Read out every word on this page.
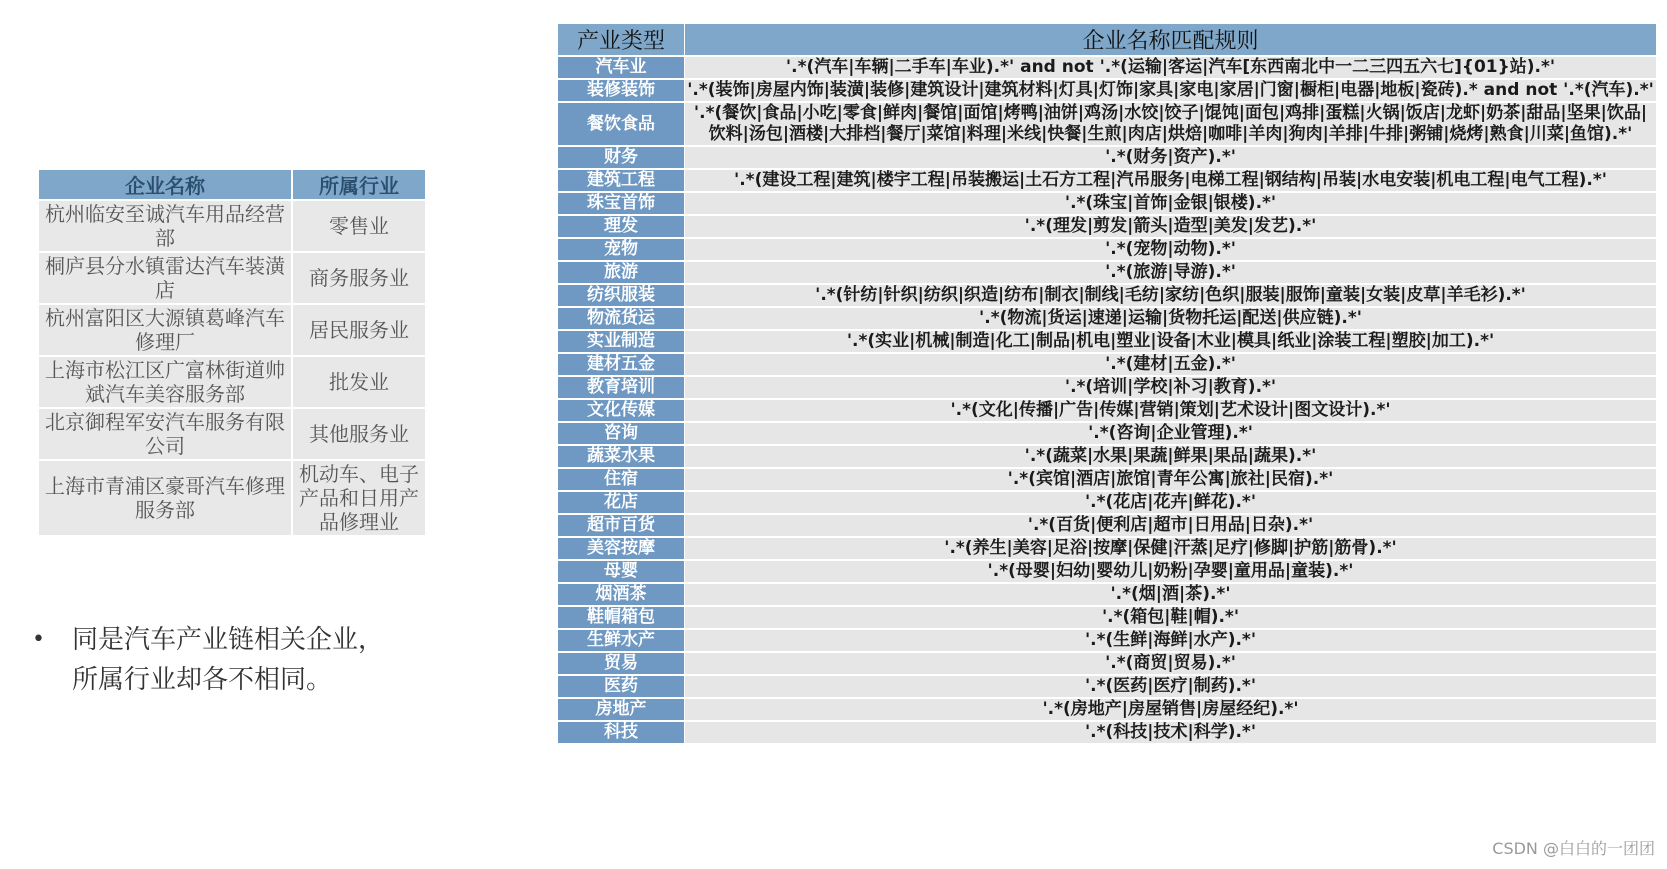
企业名称	所属行业
杭州临安至诚汽车用品经营部	零售业
桐庐县分水镇雷达汽车装潢店	商务服务业
杭州富阳区大源镇葛峰汽车修理厂	居民服务业
上海市松江区广富林街道帅斌汽车美容服务部	批发业
北京御程军安汽车服务有限公司	其他服务业
上海市青浦区豪哥汽车修理服务部	机动车、电子产品和日用产品修理业
• 同是汽车产业链相关企业，
所属行业却各不相同。
产业类型	企业名称匹配规则
汽车业	'.*(汽车|车辆|二手车|车业).*' and not '.*(运输|客运|汽车[东西南北中一二三四五六七]{01}站).*'
装修装饰	'.*(装饰|房屋内饰|装潢|装修|建筑设计|建筑材料|灯具|灯饰|家具|家电|家居|门窗|橱柜|电器|地板|瓷砖).* and not '.*(汽车).*'
餐饮食品	'.*(餐饮|食品|小吃|零食|鲜肉|餐馆|面馆|烤鸭|油饼|鸡汤|水饺|饺子|馄饨|面包|鸡排|蛋糕|火锅|饭店|龙虾|奶茶|甜品|坚果|饮品|饮料|汤包|酒楼|大排档|餐厅|菜馆|料理|米线|快餐|生煎|肉店|烘焙|咖啡|羊肉|狗肉|羊排|牛排|粥铺|烧烤|熟食|川菜|鱼馆).*'
财务	'.*(财务|资产).*'
建筑工程	'.*(建设工程|建筑|楼宇工程|吊装搬运|土石方工程|汽吊服务|电梯工程|钢结构|吊装|水电安装|机电工程|电气工程).*'
珠宝首饰	'.*(珠宝|首饰|金银|银楼).*'
理发	'.*(理发|剪发|箭头|造型|美发|发艺).*'
宠物	'.*(宠物|动物).*'
旅游	'.*(旅游|导游).*'
纺织服装	'.*(针纺|针织|纺织|织造|纺布|制衣|制线|毛纺|家纺|色织|服装|服饰|童装|女装|皮草|羊毛衫).*'
物流货运	'.*(物流|货运|速递|运输|货物托运|配送|供应链).*'
实业制造	'.*(实业|机械|制造|化工|制品|机电|塑业|设备|木业|模具|纸业|涂装工程|塑胶|加工).*'
建材五金	'.*(建材|五金).*'
教育培训	'.*(培训|学校|补习|教育).*'
文化传媒	'.*(文化|传播|广告|传媒|营销|策划|艺术设计|图文设计).*'
咨询	'.*(咨询|企业管理).*'
蔬菜水果	'.*(蔬菜|水果|果蔬|鲜果|果品|蔬果).*'
住宿	'.*(宾馆|酒店|旅馆|青年公寓|旅社|民宿).*'
花店	'.*(花店|花卉|鲜花).*'
超市百货	'.*(百货|便利店|超市|日用品|日杂).*'
美容按摩	'.*(养生|美容|足浴|按摩|保健|汗蒸|足疗|修脚|护筋|筋骨).*'
母婴	'.*(母婴|妇幼|婴幼儿|奶粉|孕婴|童用品|童装).*'
烟酒茶	'.*(烟|酒|茶).*'
鞋帽箱包	'.*(箱包|鞋|帽).*'
生鲜水产	'.*(生鲜|海鲜|水产).*'
贸易	'.*(商贸|贸易).*'
医药	'.*(医药|医疗|制药).*'
房地产	'.*(房地产|房屋销售|房屋经纪).*'
科技	'.*(科技|技术|科学).*'
CSDN @白白的一团团
